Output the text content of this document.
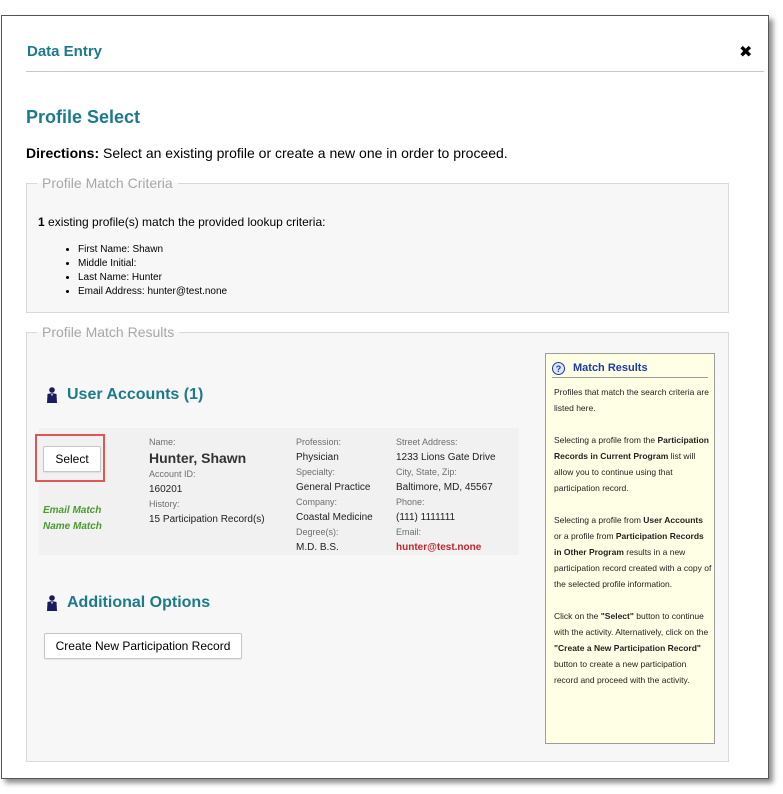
Data Entry	✖
Profile Select
Directions: Select an existing profile or create a new one in order to proceed.
Profile Match Criteria
1 existing profile(s) match the provided lookup criteria:
• First Name: Shawn
• Middle Initial:
• Last Name: Hunter
• Email Address: hunter@test.none
Profile Match Results
User Accounts (1)
Select
Email Match
Name Match
Name:
Hunter, Shawn
Account ID:
160201
History:
15 Participation Record(s)
Profession:
Physician
Specialty:
General Practice
Company:
Coastal Medicine
Degree(s):
M.D. B.S.
Street Address:
1233 Lions Gate Drive
City, State, Zip:
Baltimore, MD, 45567
Phone:
(111) 1111111
Email:
hunter@test.none
Additional Options
Create New Participation Record
? Match Results

Profiles that match the search criteria are listed here.

Selecting a profile from the Participation Records in Current Program list will allow you to continue using that participation record.

Selecting a profile from User Accounts or a profile from Participation Records in Other Program results in a new participation record created with a copy of the selected profile information.

Click on the "Select" button to continue with the activity. Alternatively, click on the "Create a New Participation Record" button to create a new participation record and proceed with the activity.
